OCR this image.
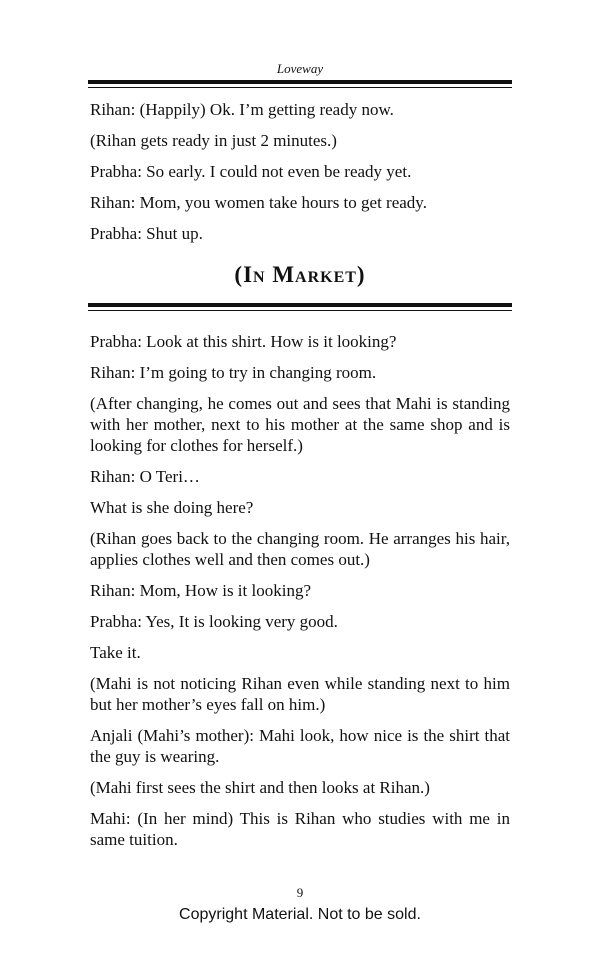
Loveway

Rihan: (Happily) Ok. I’m getting ready now.

(Rihan gets ready in just 2 minutes.)

Prabha: So early. I could not even be ready yet.

Rihan: Mom, you women take hours to get ready.

Prabha: Shut up.

(In Market)

Prabha: Look at this shirt. How is it looking?

Rihan: I’m going to try in changing room.

(After changing, he comes out and sees that Mahi is standing with her mother, next to his mother at the same shop and is looking for clothes for herself.)

Rihan: O Teri…

What is she doing here?

(Rihan goes back to the changing room. He arranges his hair, applies clothes well and then comes out.)

Rihan: Mom, How is it looking?

Prabha: Yes, It is looking very good.

Take it.

(Mahi is not noticing Rihan even while standing next to him but her mother’s eyes fall on him.)

Anjali (Mahi’s mother): Mahi look, how nice is the shirt that the guy is wearing.

(Mahi first sees the shirt and then looks at Rihan.)

Mahi: (In her mind) This is Rihan who studies with me in same tuition.

9
Copyright Material. Not to be sold.
